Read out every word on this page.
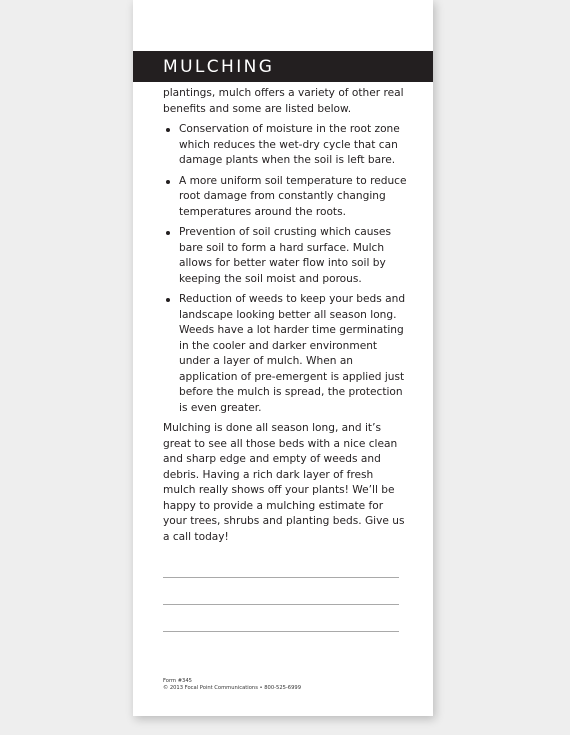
MULCHING

plantings, mulch offers a variety of other real benefits and some are listed below.

Conservation of moisture in the root zone which reduces the wet-dry cycle that can damage plants when the soil is left bare.
A more uniform soil temperature to reduce root damage from constantly changing temperatures around the roots.
Prevention of soil crusting which causes bare soil to form a hard surface. Mulch allows for better water flow into soil by keeping the soil moist and porous.
Reduction of weeds to keep your beds and landscape looking better all season long. Weeds have a lot harder time germinating in the cooler and darker environment under a layer of mulch. When an application of pre-emergent is applied just before the mulch is spread, the protection is even greater.

Mulching is done all season long, and it’s great to see all those beds with a nice clean and sharp edge and empty of weeds and debris. Having a rich dark layer of fresh mulch really shows off your plants! We’ll be happy to provide a mulching estimate for your trees, shrubs and planting beds. Give us a call today!

Form #345
© 2013 Focal Point Communications • 800-525-6999
